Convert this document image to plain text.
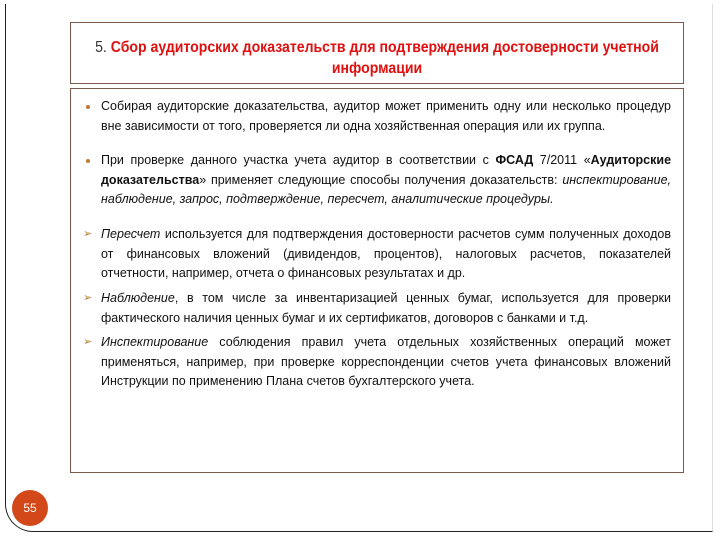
5. Сбор аудиторских доказательств для подтверждения достоверности учетной информации
Собирая аудиторские доказательства, аудитор может применить одну или несколько процедур вне зависимости от того, проверяется ли одна хозяйственная операция или их группа.
При проверке данного участка учета аудитор в соответствии с ФСАД 7/2011 «Аудиторские доказательства» применяет следующие способы получения доказательств: инспектирование, наблюдение, запрос, подтверждение, пересчет, аналитические процедуры.
➢ Пересчет используется для подтверждения достоверности расчетов сумм полученных доходов от финансовых вложений (дивидендов, процентов), налоговых расчетов, показателей отчетности, например, отчета о финансовых результатах и др.
➢ Наблюдение, в том числе за инвентаризацией ценных бумаг, используется для проверки фактического наличия ценных бумаг и их сертификатов, договоров с банками и т.д.
➢ Инспектирование соблюдения правил учета отдельных хозяйственных операций может применяться, например, при проверке корреспонденции счетов учета финансовых вложений Инструкции по применению Плана счетов бухгалтерского учета.
55
